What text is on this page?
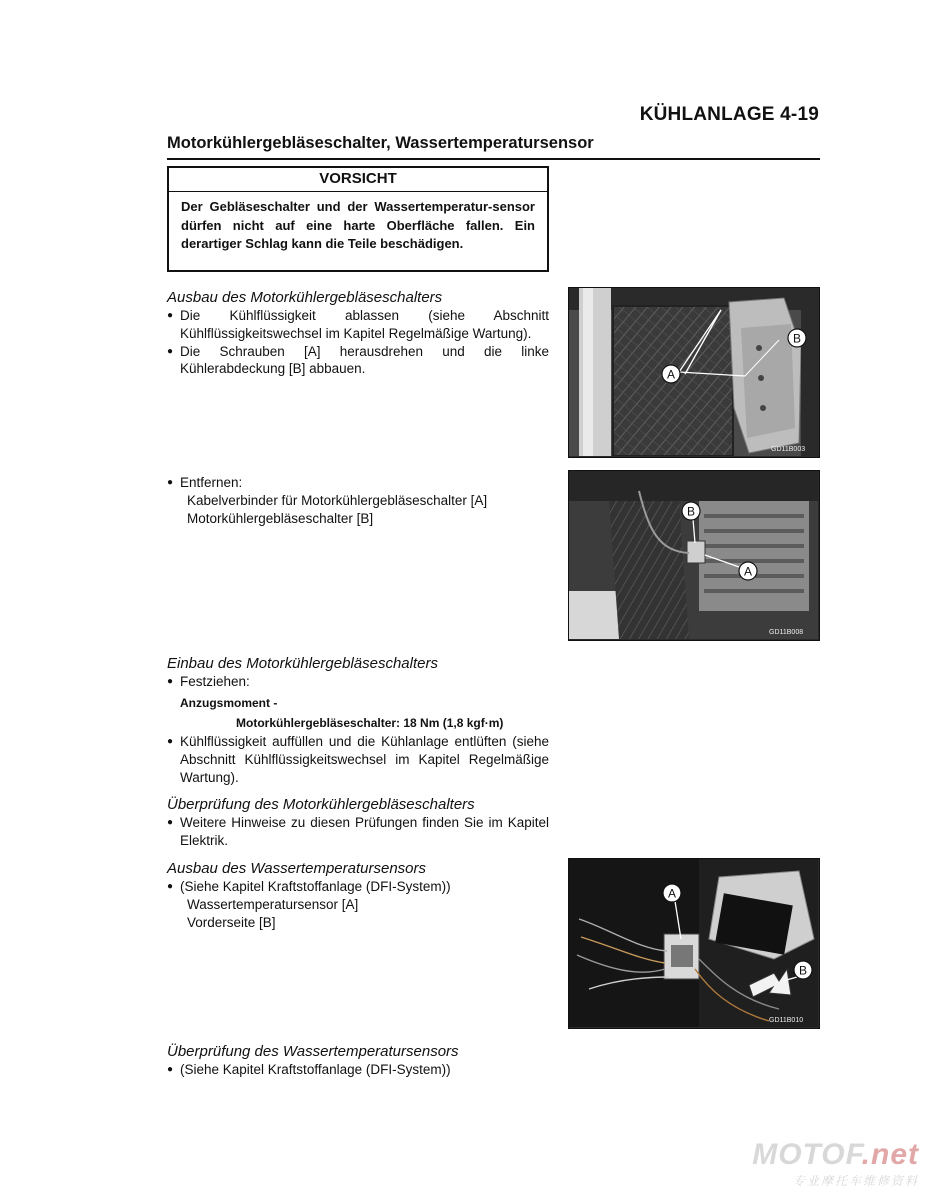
KÜHLANLAGE 4-19
Motorkühlergebläseschalter, Wassertemperatursensor
VORSICHT
Der Gebläseschalter und der Wassertemperatur-sensor dürfen nicht auf eine harte Oberfläche fallen. Ein derartiger Schlag kann die Teile beschädigen.
Ausbau des Motorkühlergebläseschalters
● Die Kühlflüssigkeit ablassen (siehe Abschnitt Kühlflüssigkeitswechsel im Kapitel Regelmäßige Wartung).
● Die Schrauben [A] herausdrehen und die linke Kühlerabdeckung [B] abbauen.
● Entfernen:
Kabelverbinder für Motorkühlergebläseschalter [A]
Motorkühlergebläseschalter [B]
Einbau des Motorkühlergebläseschalters
● Festziehen:
Anzugsmoment -
Motorkühlergebläseschalter: 18 Nm (1,8 kgf·m)
● Kühlflüssigkeit auffüllen und die Kühlanlage entlüften (siehe Abschnitt Kühlflüssigkeitswechsel im Kapitel Regelmäßige Wartung).
Überprüfung des Motorkühlergebläseschalters
● Weitere Hinweise zu diesen Prüfungen finden Sie im Kapitel Elektrik.
Ausbau des Wassertemperatursensors
● (Siehe Kapitel Kraftstoffanlage (DFI-System))
Wassertemperatursensor [A]
Vorderseite [B]
Überprüfung des Wassertemperatursensors
● (Siehe Kapitel Kraftstoffanlage (DFI-System))
A
B
GD11B003
B
A
GD11B008
A
B
GD11B010
MOTOF.net
专业摩托车维修资料
